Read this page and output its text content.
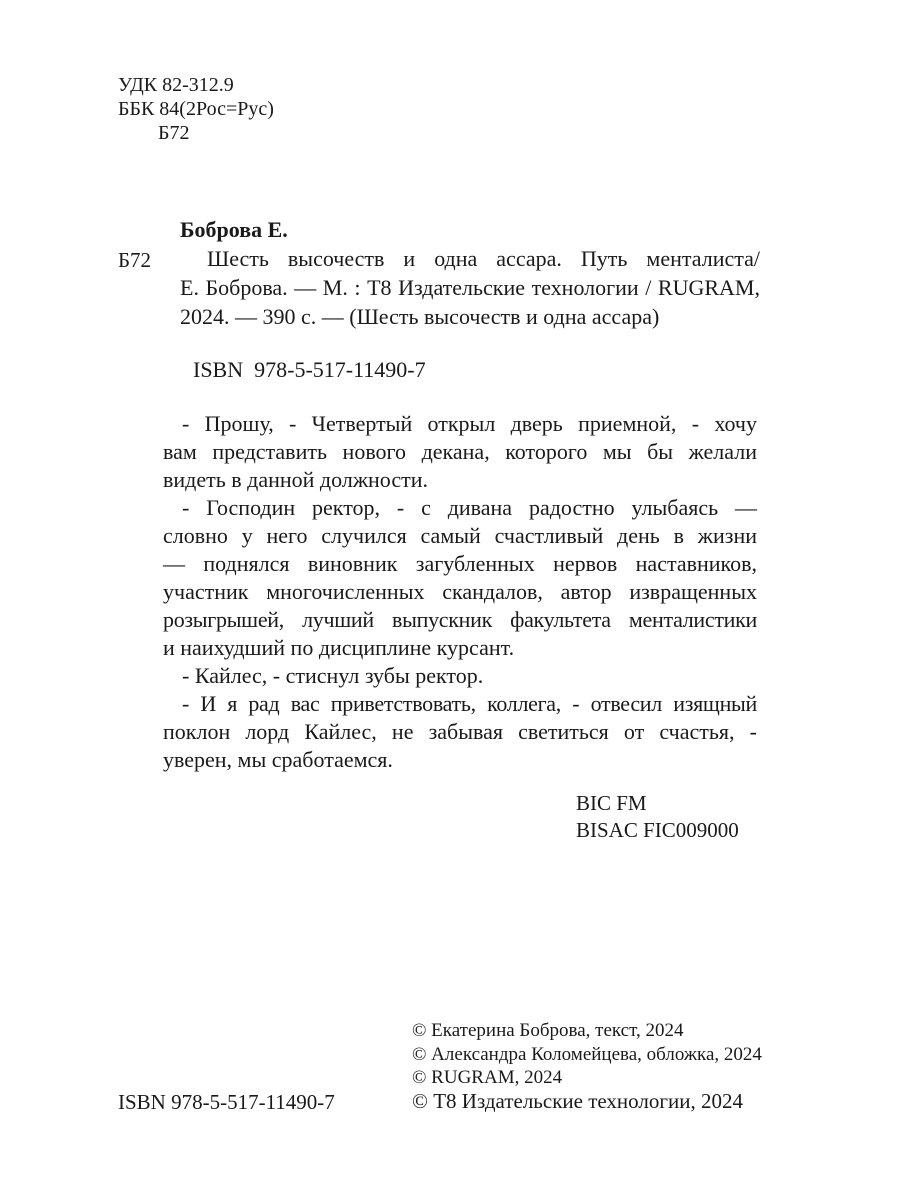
УДК 82-312.9
ББК 84(2Рос=Рус)
Б72
Боброва Е.
Б72	Шесть высочеств и одна ассара. Путь менталиста/
Е. Боброва. — М. : Т8 Издательские технологии / RUGRAM,
2024. — 390 с. — (Шесть высочеств и одна ассара)
ISBN  978-5-517-11490-7
- Прошу, - Четвертый открыл дверь приемной, - хочу
вам представить нового декана, которого мы бы желали
видеть в данной должности.
- Господин ректор, - с дивана радостно улыбаясь —
словно у него случился самый счастливый день в жизни
— поднялся виновник загубленных нервов наставников,
участник многочисленных скандалов, автор извращенных
розыгрышей, лучший выпускник факультета менталистики
и наихудший по дисциплине курсант.
- Кайлес, - стиснул зубы ректор.
- И я рад вас приветствовать, коллега, - отвесил изящный
поклон лорд Кайлес, не забывая светиться от счастья, -
уверен, мы сработаемся.
BIC FM
BISAC FIC009000
© Екатерина Боброва, текст, 2024
© Александра Коломейцева, обложка, 2024
© RUGRAM, 2024
© Т8 Издательские технологии, 2024
ISBN 978-5-517-11490-7
